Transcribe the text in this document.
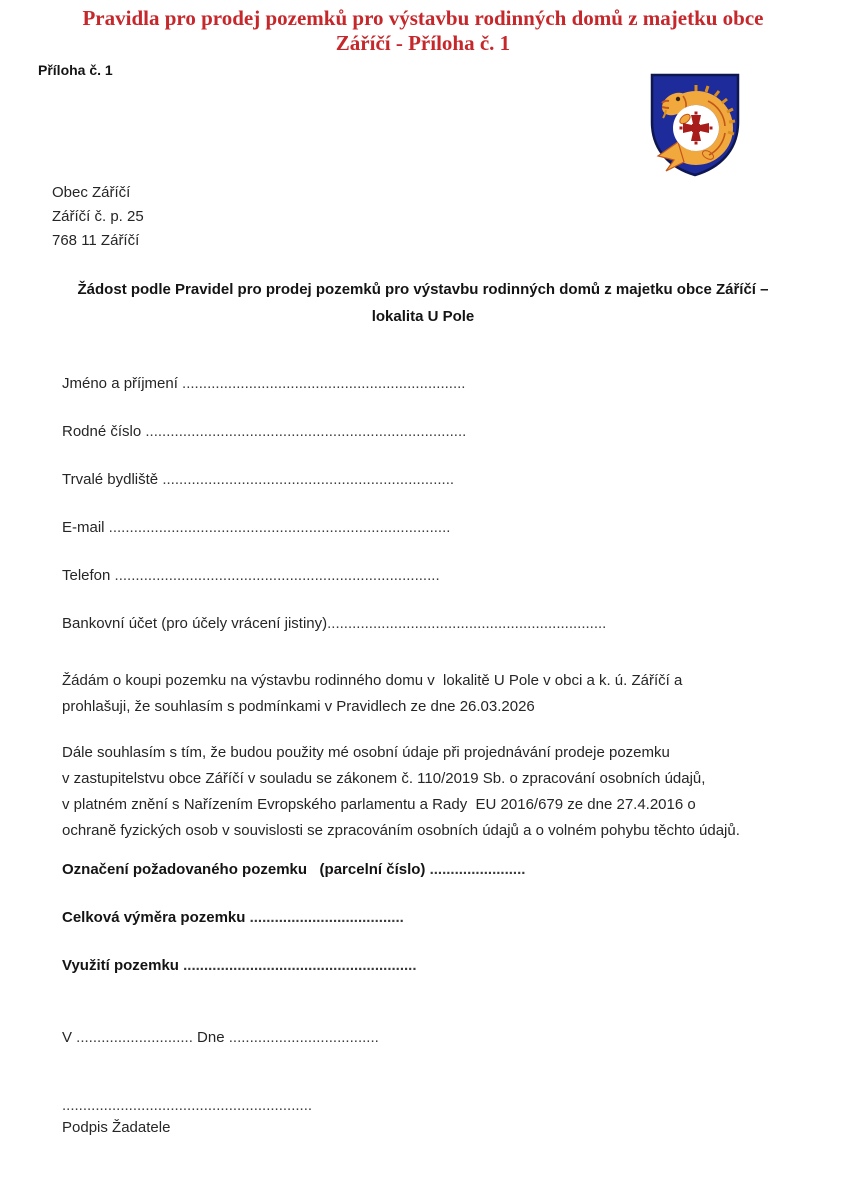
Pravidla pro prodej pozemků pro výstavbu rodinných domů z majetku obce
Záříčí - Příloha č. 1
Příloha č. 1
Obec Záříčí
Záříčí č. p. 25
768 11 Záříčí
Žádost podle Pravidel pro prodej pozemků pro výstavbu rodinných domů z majetku obce Záříčí –
lokalita U Pole
Jméno a příjmení ....................................................................
Rodné číslo .............................................................................
Trvalé bydliště ......................................................................
E-mail ..................................................................................
Telefon ..............................................................................
Bankovní účet (pro účely vrácení jistiny)...................................................................
Žádám o koupi pozemku na výstavbu rodinného domu v  lokalitě U Pole v obci a k. ú. Záříčí a
prohlašuji, že souhlasím s podmínkami v Pravidlech ze dne 26.03.2026
Dále souhlasím s tím, že budou použity mé osobní údaje při projednávání prodeje pozemku
v zastupitelstvu obce Záříčí v souladu se zákonem č. 110/2019 Sb. o zpracování osobních údajů,
v platném znění s Nařízením Evropského parlamentu a Rady  EU 2016/679 ze dne 27.4.2016 o
ochraně fyzických osob v souvislosti se zpracováním osobních údajů a o volném pohybu těchto údajů.
Označení požadovaného pozemku   (parcelní číslo) .......................
Celková výměra pozemku .....................................
Využití pozemku ........................................................
V ............................ Dne ....................................
............................................................
Podpis Žadatele
